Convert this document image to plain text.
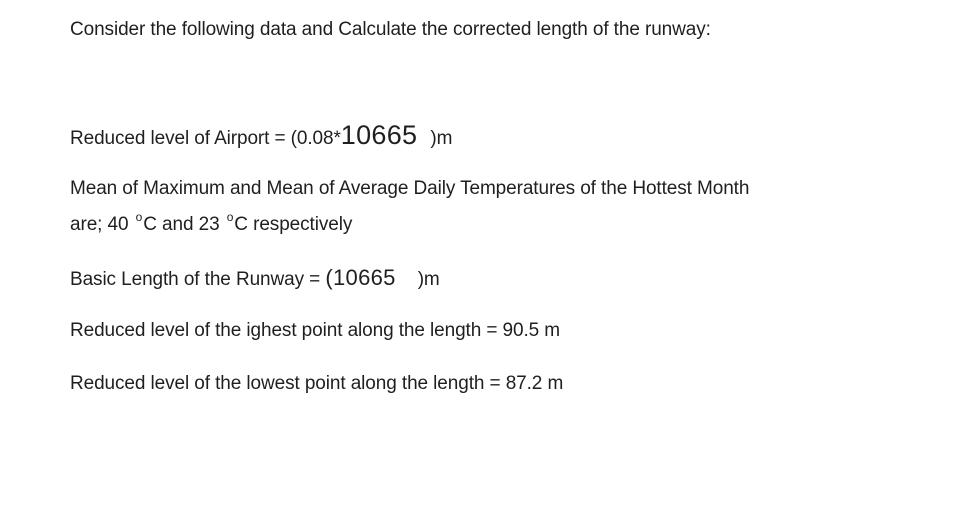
Consider the following data and Calculate the corrected length of the runway:
Reduced level of Airport = (0.08*10665 )m
Mean of Maximum and Mean of Average Daily Temperatures of the Hottest Month
are; 40 $^o$C and 23 $^o$C respectively
Basic Length of the Runway = (10665 )m
Reduced level of the ighest point along the length = 90.5 m
Reduced level of the lowest point along the length = 87.2 m
